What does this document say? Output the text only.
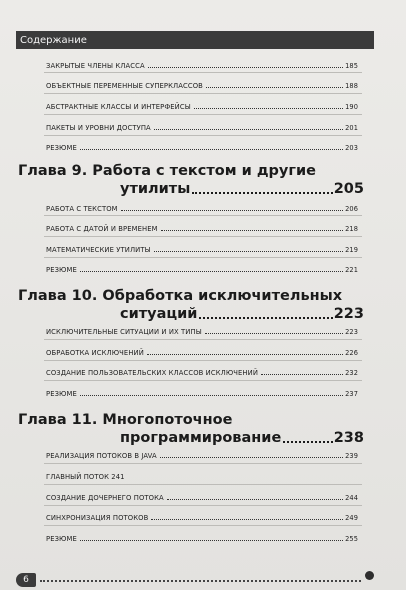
Содержание
ЗАКРЫТЫЕ ЧЛЕНЫ КЛАССА	185
ОБЪЕКТНЫЕ ПЕРЕМЕННЫЕ СУПЕРКЛАССОВ	188
АБСТРАКТНЫЕ КЛАССЫ И ИНТЕРФЕЙСЫ	190
ПАКЕТЫ И УРОВНИ ДОСТУПА	201
РЕЗЮМЕ	203
Глава 9. Работа с текстом и другие
утилиты	205
РАБОТА С ТЕКСТОМ	206
РАБОТА С ДАТОЙ И ВРЕМЕНЕМ	218
МАТЕМАТИЧЕСКИЕ УТИЛИТЫ	219
РЕЗЮМЕ	221
Глава 10. Обработка исключительных
ситуаций	223
ИСКЛЮЧИТЕЛЬНЫЕ СИТУАЦИИ И ИХ ТИПЫ	223
ОБРАБОТКА ИСКЛЮЧЕНИЙ	226
СОЗДАНИЕ ПОЛЬЗОВАТЕЛЬСКИХ КЛАССОВ ИСКЛЮЧЕНИЙ	232
РЕЗЮМЕ	237
Глава 11. Многопоточное
программирование	238
РЕАЛИЗАЦИЯ ПОТОКОВ В JAVA	239
ГЛАВНЫЙ ПОТОК 241
СОЗДАНИЕ ДОЧЕРНЕГО ПОТОКА	244
СИНХРОНИЗАЦИЯ ПОТОКОВ	249
РЕЗЮМЕ	255
6
